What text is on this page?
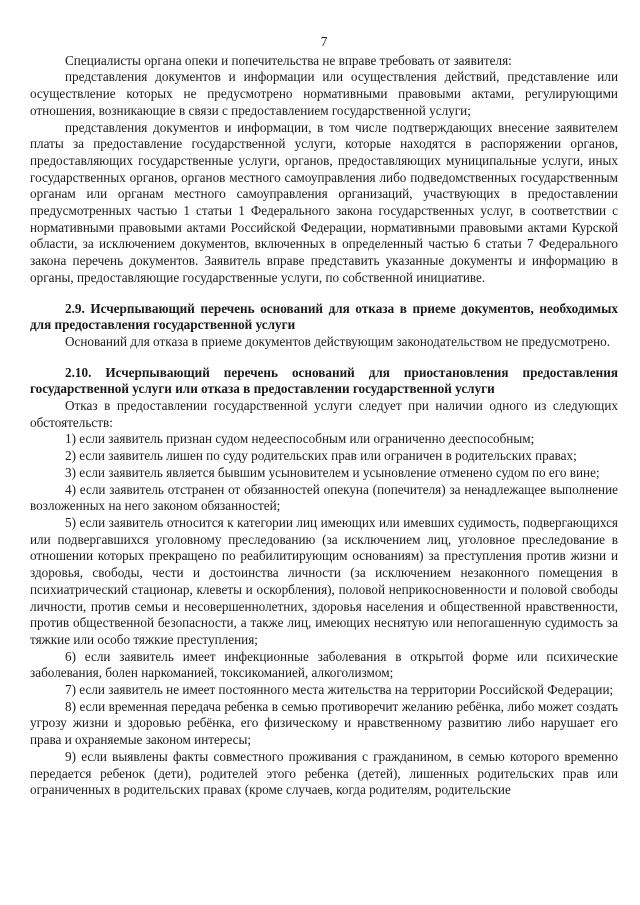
7

Специалисты органа опеки и попечительства не вправе требовать от заявителя:

представления документов и информации или осуществления действий, представление или осуществление которых не предусмотрено нормативными правовыми актами, регулирующими отношения, возникающие в связи с предоставлением государственной услуги;

представления документов и информации, в том числе подтверждающих внесение заявителем платы за предоставление государственной услуги, которые находятся в распоряжении органов, предоставляющих государственные услуги, органов, предоставляющих муниципальные услуги, иных государственных органов, органов местного самоуправления либо подведомственных государственным органам или органам местного самоуправления организаций, участвующих в предоставлении предусмотренных частью 1 статьи 1 Федерального закона государственных услуг, в соответствии с нормативными правовыми актами Российской Федерации, нормативными правовыми актами Курской области, за исключением документов, включенных в определенный частью 6 статьи 7 Федерального закона перечень документов. Заявитель вправе представить указанные документы и информацию в органы, предоставляющие государственные услуги, по собственной инициативе.

2.9. Исчерпывающий перечень оснований для отказа в приеме документов, необходимых для предоставления государственной услуги

Оснований для отказа в приеме документов действующим законодательством не предусмотрено.

2.10. Исчерпывающий перечень оснований для приостановления предоставления государственной услуги или отказа в предоставлении государственной услуги

Отказ в предоставлении государственной услуги следует при наличии одного из следующих обстоятельств:

1) если заявитель признан судом недееспособным или ограниченно дееспособным;

2) если заявитель лишен по суду родительских прав или ограничен в родительских правах;

3) если заявитель является бывшим усыновителем и усыновление отменено судом по его вине;

4) если заявитель отстранен от обязанностей опекуна (попечителя) за ненадлежащее выполнение возложенных на него законом обязанностей;

5) если заявитель относится к категории лиц имеющих или имевших судимость, подвергающихся или подвергавшихся уголовному преследованию (за исключением лиц, уголовное преследование в отношении которых прекращено по реабилитирующим основаниям) за преступления против жизни и здоровья, свободы, чести и достоинства личности (за исключением незаконного помещения в психиатрический стационар, клеветы и оскорбления), половой неприкосновенности и половой свободы личности, против семьи и несовершеннолетних, здоровья населения и общественной нравственности, против общественной безопасности, а также лиц, имеющих неснятую или непогашенную судимость за тяжкие или особо тяжкие преступления;

6) если заявитель имеет инфекционные заболевания в открытой форме или психические заболевания, болен наркоманией, токсикоманией, алкоголизмом;

7) если заявитель не имеет постоянного места жительства на территории Российской Федерации;

8) если временная передача ребенка в семью противоречит желанию ребёнка, либо может создать угрозу жизни и здоровью ребёнка, его физическому и нравственному развитию либо нарушает его права и охраняемые законом интересы;

9) если выявлены факты совместного проживания с гражданином, в семью которого временно передается ребенок (дети), родителей этого ребенка (детей), лишенных родительских прав или ограниченных в родительских правах (кроме случаев, когда родителям, родительские
